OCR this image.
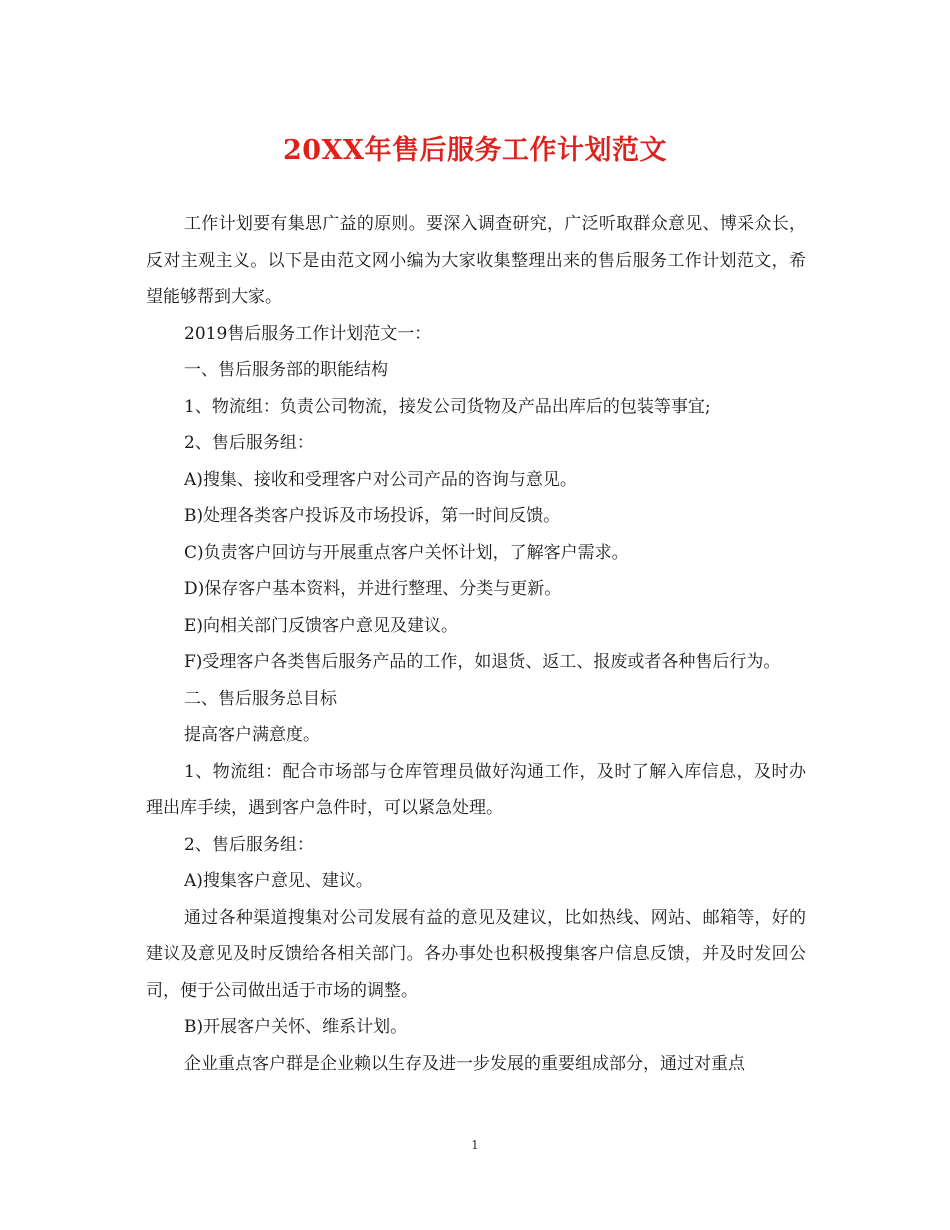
20XX年售后服务工作计划范文

工作计划要有集思广益的原则。要深入调查研究，广泛听取群众意见、博采众长，反对主观主义。以下是由范文网小编为大家收集整理出来的售后服务工作计划范文，希望能够帮到大家。

2019售后服务工作计划范文一：

一、售后服务部的职能结构

1、物流组：负责公司物流，接发公司货物及产品出库后的包装等事宜;

2、售后服务组：

A)搜集、接收和受理客户对公司产品的咨询与意见。

B)处理各类客户投诉及市场投诉，第一时间反馈。

C)负责客户回访与开展重点客户关怀计划，了解客户需求。

D)保存客户基本资料，并进行整理、分类与更新。

E)向相关部门反馈客户意见及建议。

F)受理客户各类售后服务产品的工作，如退货、返工、报废或者各种售后行为。

二、售后服务总目标

提高客户满意度。

1、物流组：配合市场部与仓库管理员做好沟通工作，及时了解入库信息，及时办理出库手续，遇到客户急件时，可以紧急处理。

2、售后服务组：

A)搜集客户意见、建议。

通过各种渠道搜集对公司发展有益的意见及建议，比如热线、网站、邮箱等，好的建议及意见及时反馈给各相关部门。各办事处也积极搜集客户信息反馈，并及时发回公司，便于公司做出适于市场的调整。

B)开展客户关怀、维系计划。

企业重点客户群是企业赖以生存及进一步发展的重要组成部分，通过对重点

1
